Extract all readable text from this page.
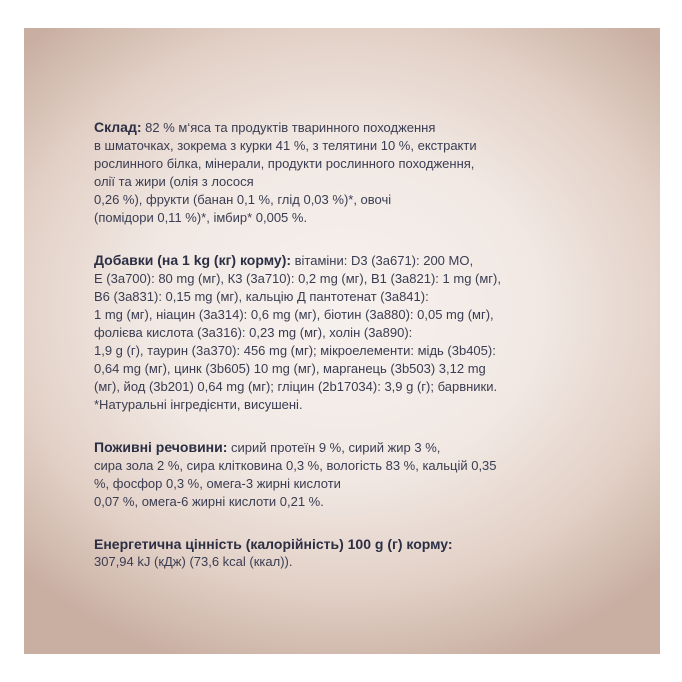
Склад: 82 % м‘яса та продуктів тваринного походження
в шматочках, зокрема з курки 41 %, з телятини 10 %, екстракти
рослинного білка, мінерали, продукти рослинного походження,
олії та жири (олія з лосося
0,26 %), фрукти (банан 0,1 %, глід 0,03 %)*, овочі
(помідори 0,11 %)*, імбир* 0,005 %.
Добавки (на 1 kg (кг) корму): вітаміни: D3 (3a671): 200 МО,
E (3a700): 80 mg (мг), К3 (3a710): 0,2 mg (мг), В1 (3a821): 1 mg (мг),
В6 (3a831): 0,15 mg (мг), кальцію Д пантотенат (3a841):
1 mg (мг), ніацин (3a314): 0,6 mg (мг), біотин (3a880): 0,05 mg (мг),
фолієва кислота (3a316): 0,23 mg (мг), холін (3a890):
1,9 g (г), таурин (3a370): 456 mg (мг); мікроелементи: мідь (3b405):
0,64 mg (мг), цинк (3b605) 10 mg (мг), марганець (3b503) 3,12 mg
(мг), йод (3b201) 0,64 mg (мг); гліцин (2b17034): 3,9 g (г); барвники.
*Натуральні інгредієнти, висушені.
Поживні речовини: сирий протеїн 9 %, сирий жир 3 %,
сира зола 2 %, сира клітковина 0,3 %, вологість 83 %, кальцій 0,35
%, фосфор 0,3 %, омега-3 жирні кислоти
0,07 %, омега-6 жирні кислоти 0,21 %.
Енергетична цінність (калорійність) 100 g (г) корму:
307,94 kJ (кДж) (73,6 kcal (ккал)).
